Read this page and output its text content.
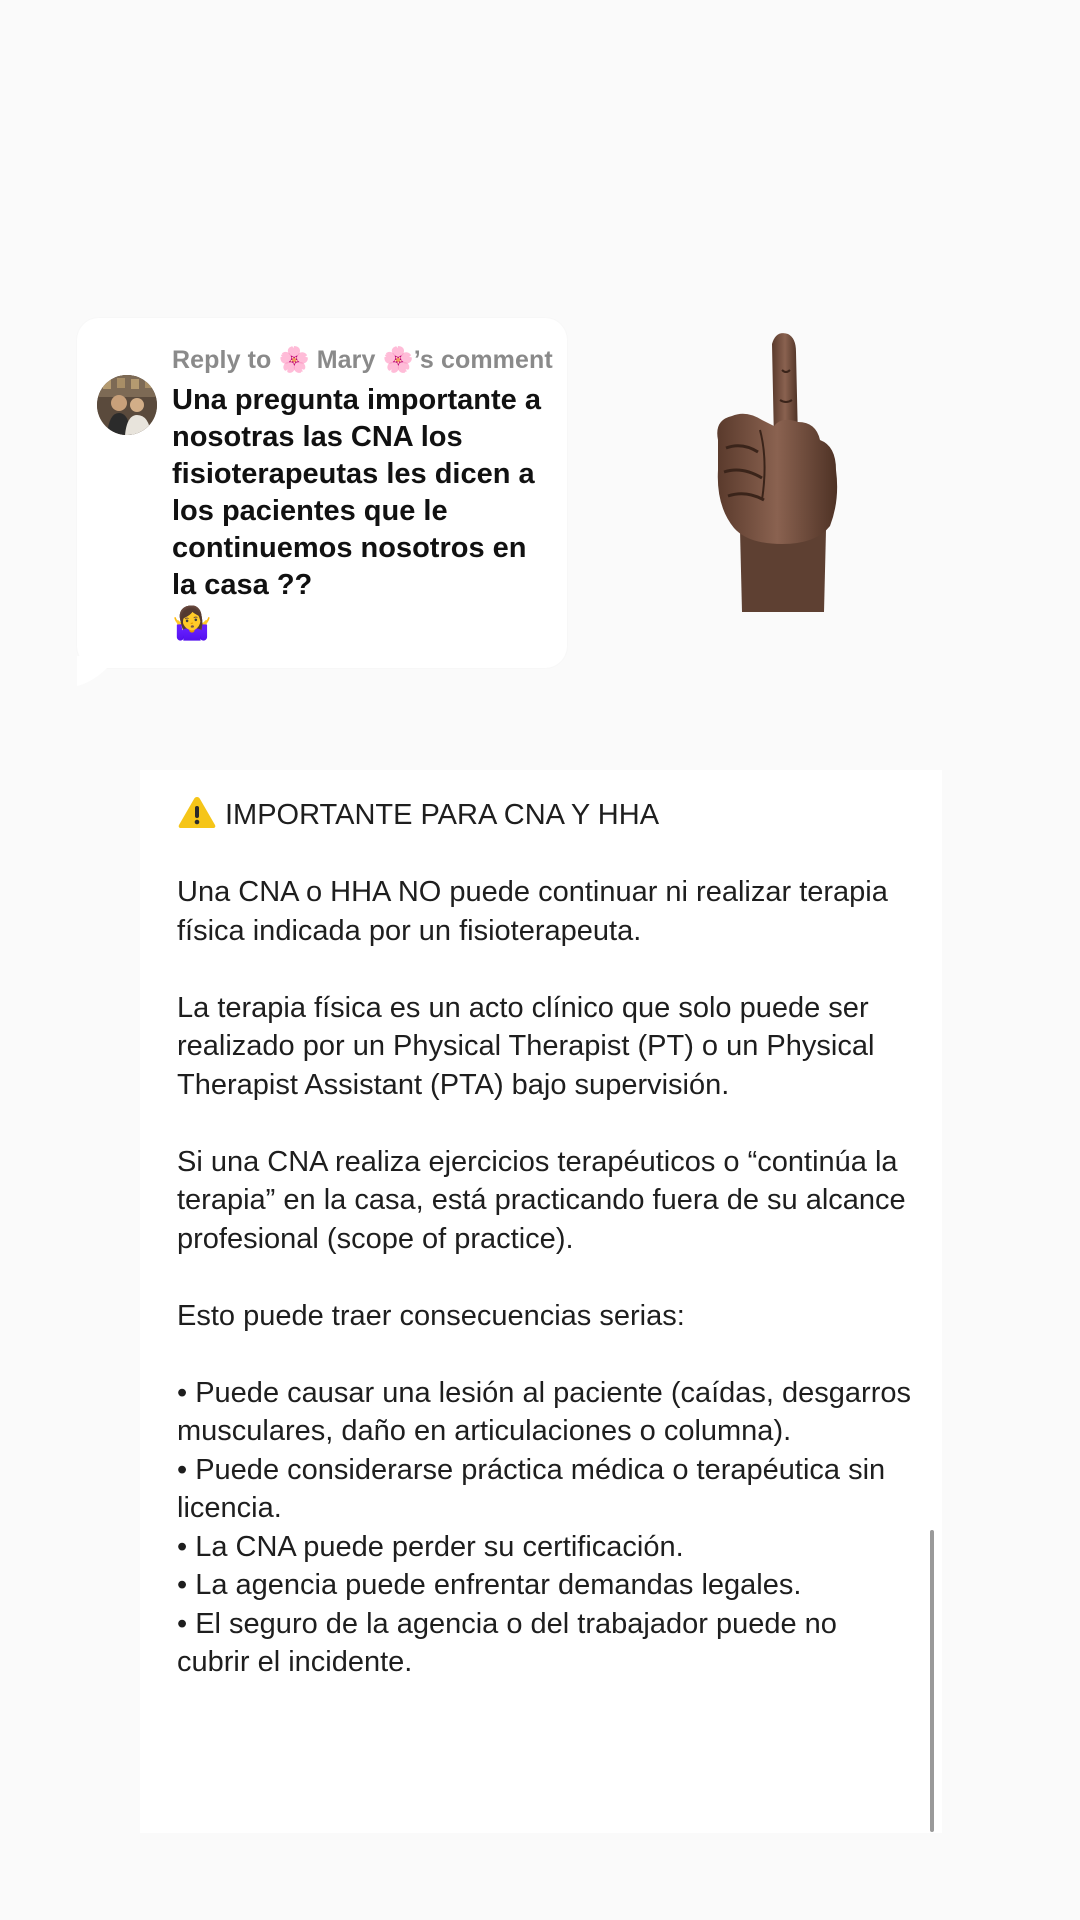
Reply to 🌸 Mary 🌸’s comment
Una pregunta importante a nosotras las CNA los fisioterapeutas les dicen a los pacientes que le continuemos nosotros en la casa ??
🤷‍♀️

IMPORTANTE PARA CNA Y HHA

Una CNA o HHA NO puede continuar ni realizar terapia física indicada por un fisioterapeuta.

La terapia física es un acto clínico que solo puede ser realizado por un Physical Therapist (PT) o un Physical Therapist Assistant (PTA) bajo supervisión.

Si una CNA realiza ejercicios terapéuticos o “continúa la terapia” en la casa, está practicando fuera de su alcance profesional (scope of practice).

Esto puede traer consecuencias serias:

• Puede causar una lesión al paciente (caídas, desgarros musculares, daño en articulaciones o columna).

• Puede considerarse práctica médica o terapéutica sin licencia.

• La CNA puede perder su certificación.

• La agencia puede enfrentar demandas legales.

• El seguro de la agencia o del trabajador puede no cubrir el incidente.
